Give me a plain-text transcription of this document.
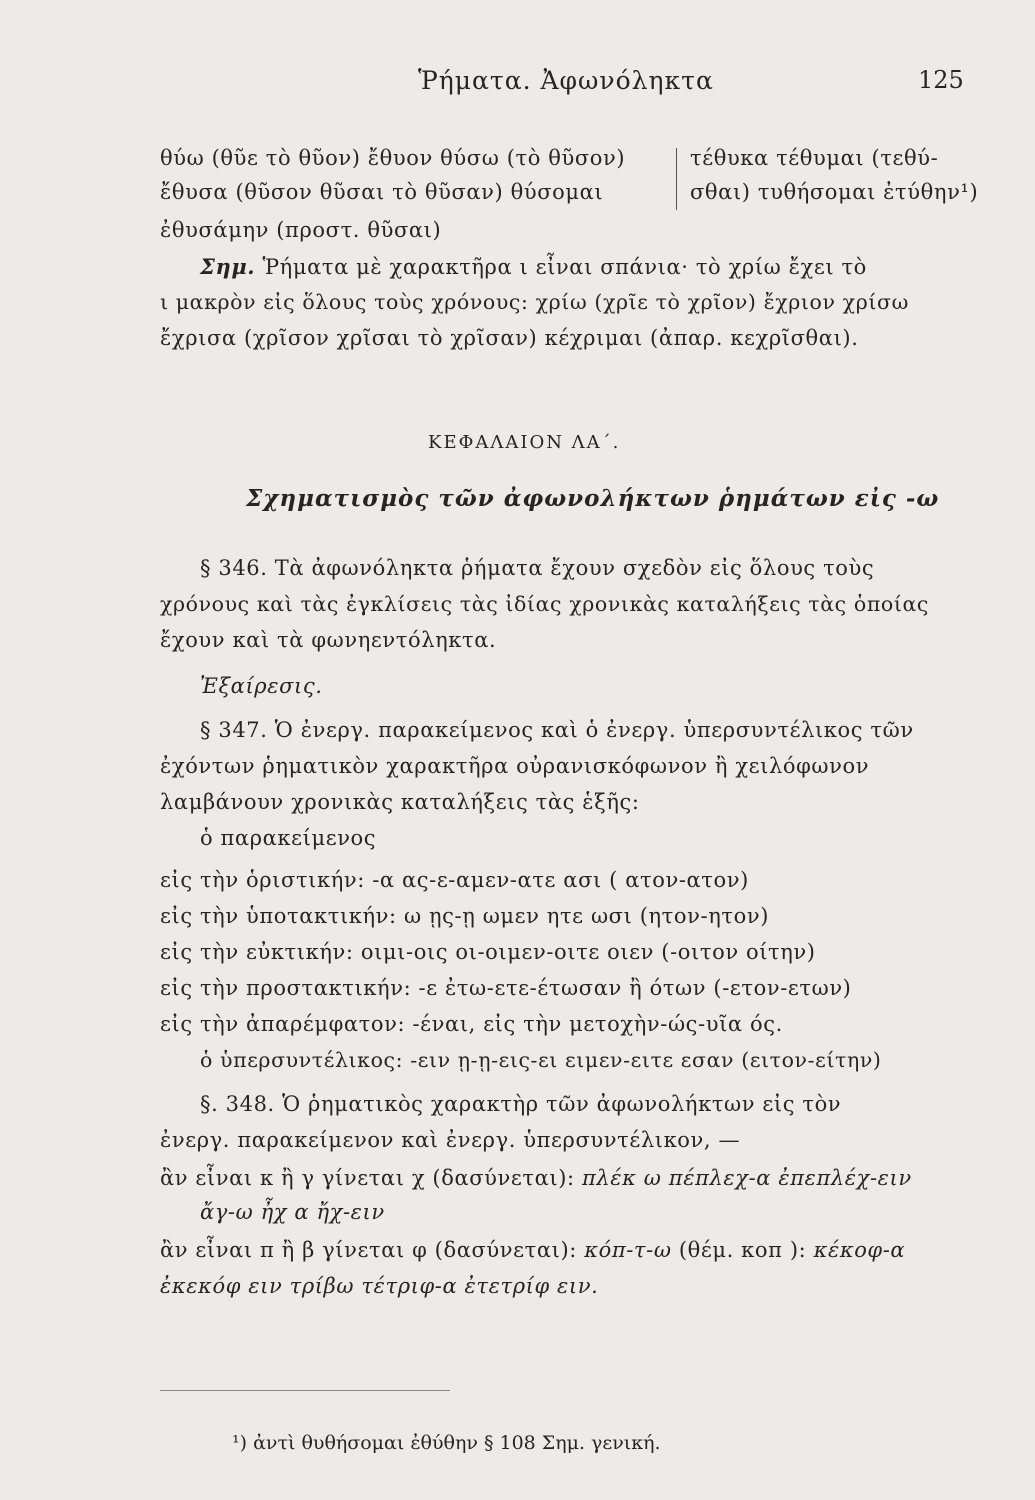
Ῥήματα. Ἀφωνόληκτα	125
θύω (θῦε τὸ θῦον) ἔθυον θύσω (τὸ θῦσον)
ἔθυσα (θῦσον θῦσαι τὸ θῦσαν) θύσομαι
τέθυκα τέθυμαι (τεθύ-
σθαι) τυθήσομαι ἐτύθην¹)
ἐθυσάμην (προστ. θῦσαι)
Σημ. Ῥήματα μὲ χαρακτῆρα ι εἶναι σπάνια· τὸ χρίω ἔχει τὸ
ι μακρὸν εἰς ὅλους τοὺς χρόνους: χρίω (χρῖε τὸ χρῖον) ἔχριον χρίσω
ἔχρισα (χρῖσον χρῖσαι τὸ χρῖσαν) κέχριμαι (ἀπαρ. κεχρῖσθαι).
ΚΕΦΑΛΑΙΟΝ ΛΑ΄.
Σχηματισμὸς τῶν ἀφωνολήκτων ῥημάτων εἰς -ω
§ 346. Τὰ ἀφωνόληκτα ῥήματα ἔχουν σχεδὸν εἰς ὅλους τοὺς
χρόνους καὶ τὰς ἐγκλίσεις τὰς ἰδίας χρονικὰς καταλήξεις τὰς ὁποίας
ἔχουν καὶ τὰ φωνηεντόληκτα.
Ἐξαίρεσις.
§ 347. Ὁ ἐνεργ. παρακείμενος καὶ ὁ ἐνεργ. ὑπερσυντέλικος τῶν
ἐχόντων ῥηματικὸν χαρακτῆρα οὐρανισκόφωνον ἢ χειλόφωνον
λαμβάνουν χρονικὰς καταλήξεις τὰς ἑξῆς:
ὁ παρακείμενος
εἰς τὴν ὁριστικήν: -α ας-ε-αμεν-ατε ασι ( ατον-ατον)
εἰς τὴν ὑποτακτικήν: ω ῃς-ῃ ωμεν ητε ωσι (ητον-ητον)
εἰς τὴν εὐκτικήν: οιμι-οις οι-οιμεν-οιτε οιεν (-οιτον οίτην)
εἰς τὴν προστακτικήν: -ε ἐτω-ετε-έτωσαν ἢ ότων (-ετον-ετων)
εἰς τὴν ἀπαρέμφατον: -έναι, εἰς τὴν μετοχὴν-ώς-υῖα ός.
ὁ ὑπερσυντέλικος: -ειν ῃ-ῃ-εις-ει ειμεν-ειτε εσαν (ειτον-είτην)
§. 348. Ὁ ῥηματικὸς χαρακτὴρ τῶν ἀφωνολήκτων εἰς τὸν
ἐνεργ. παρακείμενον καὶ ἐνεργ. ὑπερσυντέλικον, —
ἂν εἶναι κ ἢ γ γίνεται χ (δασύνεται): πλέκ ω πέπλεχ-α ἐπεπλέχ-ειν
ἄγ-ω ἦχ α ἤχ-ειν
ἂν εἶναι π ἢ β γίνεται φ (δασύνεται): κόπ-τ-ω (θέμ. κοπ ): κέκοφ-α
ἐκεκόφ ειν τρίβω τέτριφ-α ἐτετρίφ ειν.
¹) ἀντὶ θυθήσομαι ἐθύθην § 108 Σημ. γενική.
